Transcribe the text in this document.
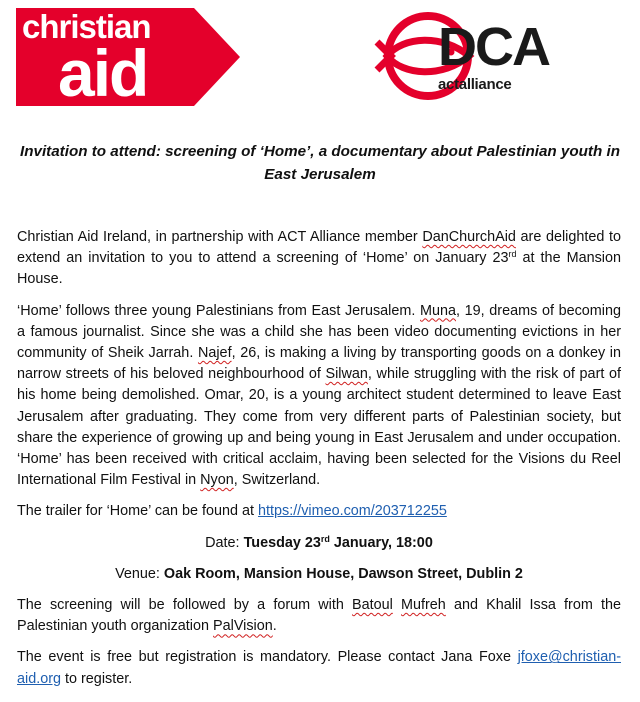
christian
aid	DCA
actalliance
Invitation to attend: screening of ‘Home’, a documentary about Palestinian youth in East Jerusalem

Christian Aid Ireland, in partnership with ACT Alliance member DanChurchAid are delighted to extend an invitation to you to attend a screening of ‘Home’ on January 23rd at the Mansion House.

‘Home’ follows three young Palestinians from East Jerusalem. Muna, 19, dreams of becoming a famous journalist. Since she was a child she has been video documenting evictions in her community of Sheik Jarrah. Najef, 26, is making a living by transporting goods on a donkey in narrow streets of his beloved neighbourhood of Silwan, while struggling with the risk of part of his home being demolished. Omar, 20, is a young architect student determined to leave East Jerusalem after graduating. They come from very different parts of Palestinian society, but share the experience of growing up and being young in East Jerusalem and under occupation. ‘Home’ has been received with critical acclaim, having been selected for the Visions du Reel International Film Festival in Nyon, Switzerland.

The trailer for ‘Home’ can be found at https://vimeo.com/203712255

Date: Tuesday 23rd January, 18:00

Venue: Oak Room, Mansion House, Dawson Street, Dublin 2

The screening will be followed by a forum with Batoul Mufreh and Khalil Issa from the Palestinian youth organization PalVision.

The event is free but registration is mandatory. Please contact Jana Foxe jfoxe@christian-aid.org to register.
